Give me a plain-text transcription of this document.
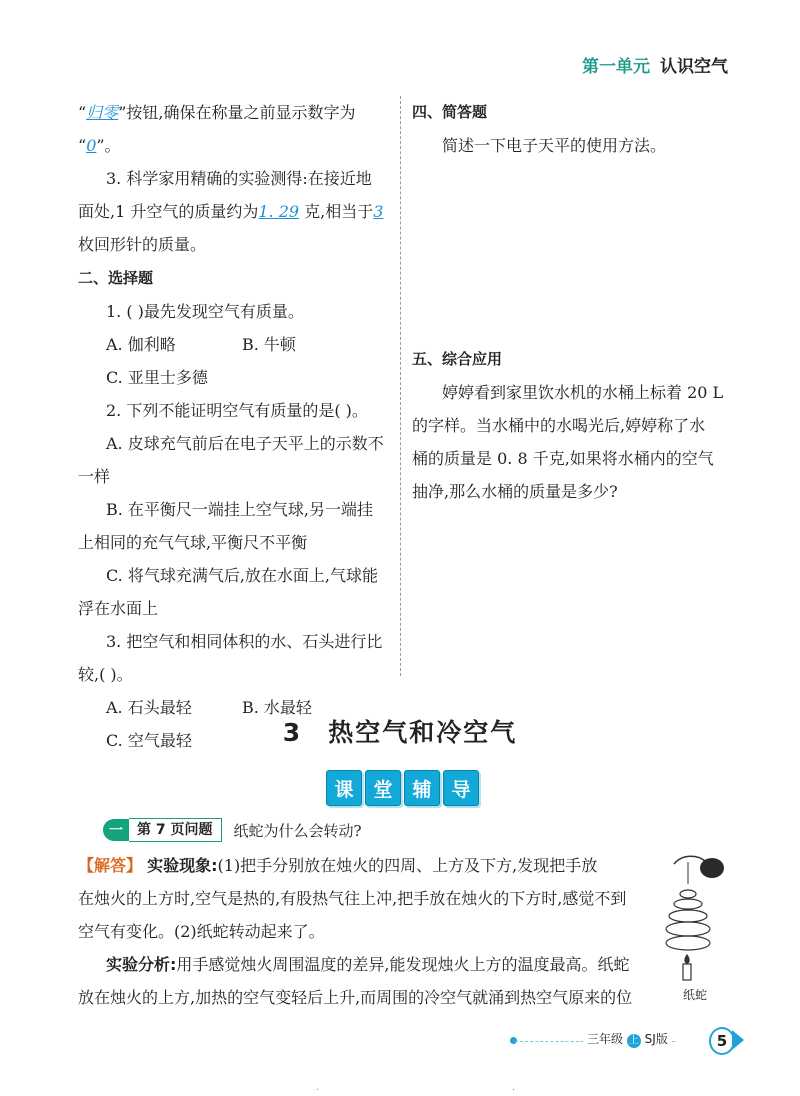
第一单元 认识空气
“归零”按钮,确保在称量之前显示数字为
“0”。
3. 科学家用精确的实验测得:在接近地
面处,1 升空气的质量约为1. 29 克,相当于3
枚回形针的质量。
二、选择题
1. ( )最先发现空气有质量。
A. 伽利略	B. 牛顿
C. 亚里士多德
2. 下列不能证明空气有质量的是( )。
A. 皮球充气前后在电子天平上的示数不
一样
B. 在平衡尺一端挂上空气球,另一端挂
上相同的充气气球,平衡尺不平衡
C. 将气球充满气后,放在水面上,气球能
浮在水面上
3. 把空气和相同体积的水、石头进行比
较,( )。
A. 石头最轻	B. 水最轻
C. 空气最轻
四、简答题
简述一下电子天平的使用方法。
五、综合应用
婷婷看到家里饮水机的水桶上标着 20 L
的字样。当水桶中的水喝光后,婷婷称了水
桶的质量是 0. 8 千克,如果将水桶内的空气
抽净,那么水桶的质量是多少?
3 热空气和冷空气
课	堂	辅	导
一	第 7 页问题	纸蛇为什么会转动?
【解答】 实验现象:(1)把手分别放在烛火的四周、上方及下方,发现把手放
在烛火的上方时,空气是热的,有股热气往上冲,把手放在烛火的下方时,感觉不到
空气有变化。(2)纸蛇转动起来了。
实验分析:用手感觉烛火周围温度的差异,能发现烛火上方的温度最高。纸蛇
放在烛火的上方,加热的空气变轻后上升,而周围的冷空气就涌到热空气原来的位	纸蛇
三年级 上 SJ版	5
·	·
